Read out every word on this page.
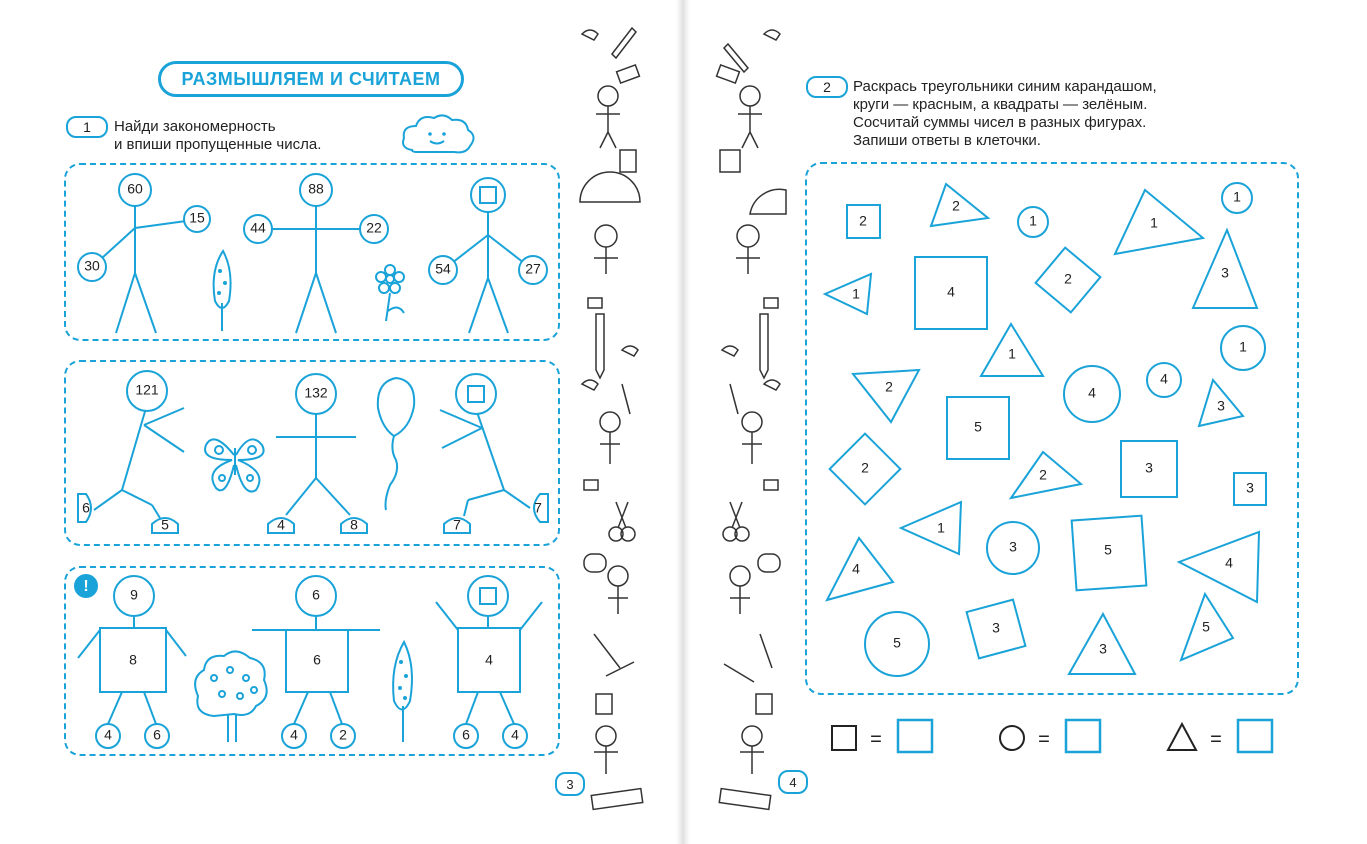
РАЗМЫШЛЯЕМ И СЧИТАЕМ
1	Найди закономерность
и впиши пропущенные числа.
60
15
30
88
44	22
54	27
121
6
5
132
4	8	7
7
!	9
8
4	6
6
6
4	2
4
6	4
3
2	Раскрась треугольники синим карандашом,
круги — красным, а квадраты — зелёным.
Сосчитай суммы чисел в разных фигурах.
Запиши ответы в клеточки.
2
4
2
5
2	3
3
5
3
1
1
1
4
4
3
5
2
1
3
1
1
2
3
2
1
4	4
3
5
=	=	=
4
